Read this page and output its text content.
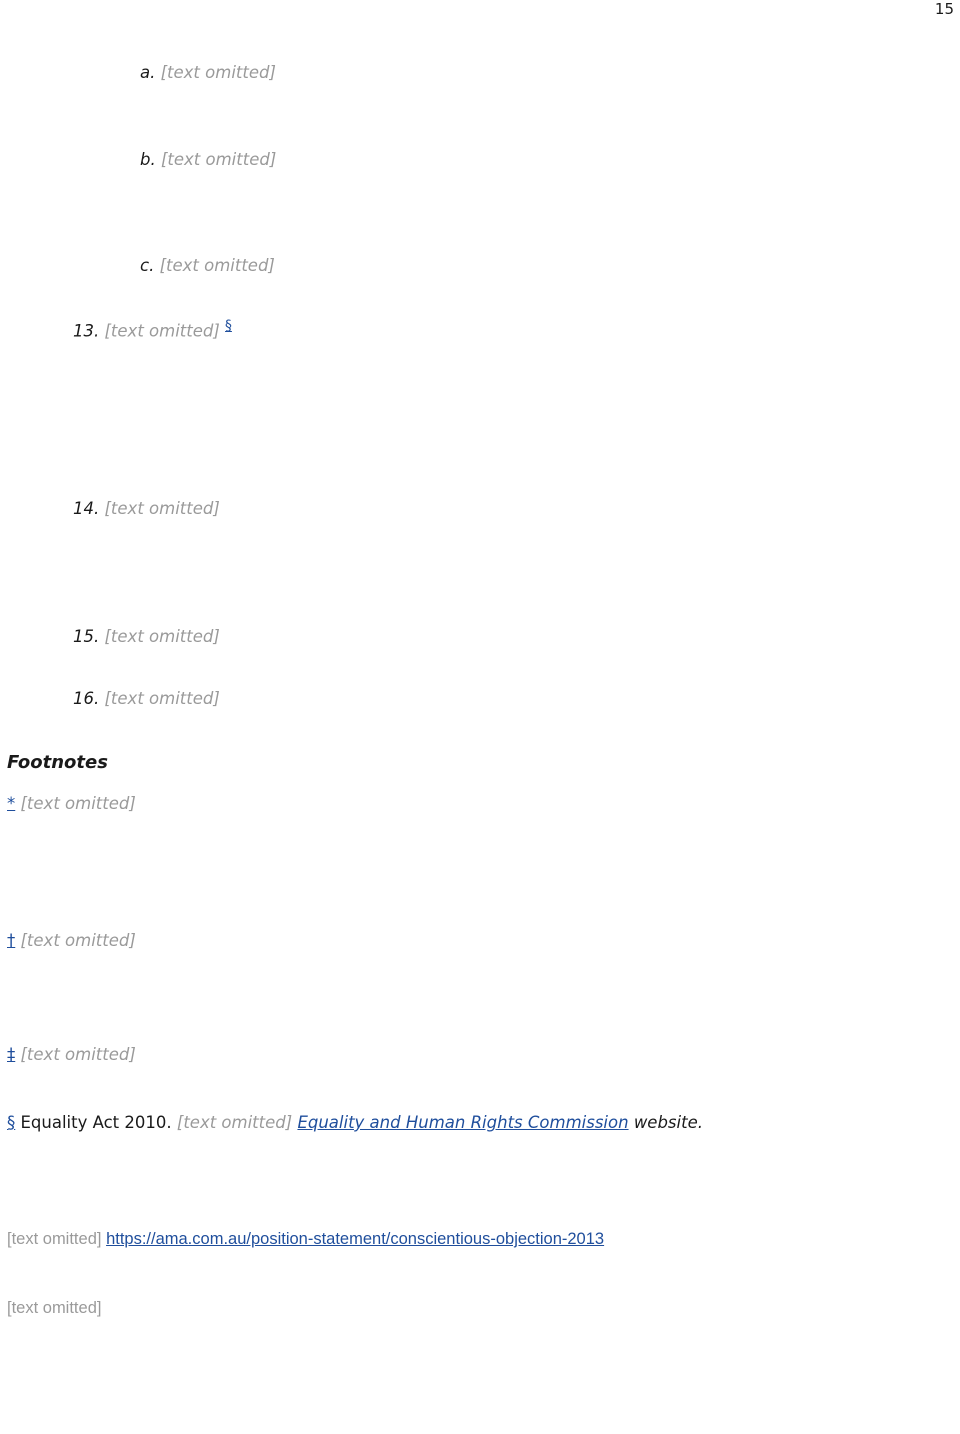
15
a. [text omitted]
b. [text omitted]
c. [text omitted]
13. [text omitted] §
14. [text omitted]
15. [text omitted]
16. [text omitted]
Footnotes
* [text omitted]
† [text omitted]
‡ [text omitted]
§ Equality Act 2010. [text omitted] Equality and Human Rights Commission website.
[text omitted] https://ama.com.au/position-statement/conscientious-objection-2013
[text omitted]
